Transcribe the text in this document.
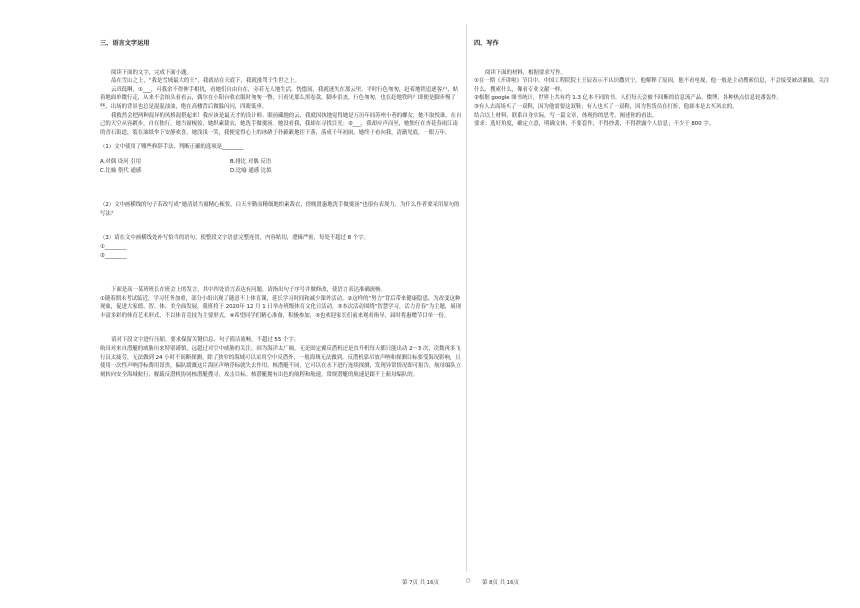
三、语言文字运用

阅读下面的文字，完成下面小题。

喆在雪山之上，“我是雪域最大的王”，我就站在天底下，我就涨驾于生世之上。

云真低啊，①___，可我余不得伸手相扰，看她们自由自在，旁若无人地生活。恍惚间，我就迷失在那云里。平时行色匆匆，赶着地铁追逐客户，贴着地面单微行走，从来不会抬头看看云，偶尔在小阳台收衣服时匆匆一瞥，只看见那么黑卷款，脚步沮丧，行色匆匆，也在赶地铁吗？即便是脚步慢了些，出场的背景也总是混混浊浊，绝在高楼背后做躲闪闪，四眼低垂。

我救然会把两种混异的风格混搭起来！我应该是最天才的设计师。眼前藏地的云，我就因执地觉得她是万历年间苏州小巷的螺女，她不取悦谁，在自己的天空从容踱步，自在独行，她当窗梳妆，她织素裁衣，她洗手做羹汤。她没看我，我却在寻找目光：②___，我却应声而至，她独行在杏花春雨江南的青石街道，裂在油纸伞下安静欢喜，她浅浅一笑，我便觉得心上的冰碴子扑簌簌地往下落，落成千年初雨，她终于看向我，清澈见底，一眼万年。

（1）文中使用了哪些修辞手法，判断正确的选项是________

A.对偶 设问 引用	B.排比 对偶 反语
C.比喻 借代 通感	D.比喻 通感 比拟

（2）文中画横线的句子若改写成“她清晨当窗精心梳妆，白天辛勤而精细地织素裁衣，傍晚贤惠地洗手做羹汤”也很有表现力，为什么作者要采用原句的写法？

（3）请在文中画横线处补写恰当的语句，使整段文字语意完整连贯，内容贴切，逻辑严密，每处不超过 8 个字。

①________

②________

下面是高一某班班长在班会上的发言，其中四处语言表达有问题，请指出句子序号并做修改，使语言表达准确流畅。

①随着期末考试临近，学习任务加重，部分小组出现了随意不上体育课，延长学习时间和减少课外活动。②这样的“努力”背后带来健康隐患，为改变这种现象，促进大家德、智、体、美全面发展，我班将于 2020年 12 月 1 日举办班级体育文化日活动，③本次活动围绕“智慧学习，活力青春”为主题，展现丰富多彩的体育艺术形式，不以体育竞技为主要形式，④希望同学们精心准备，积极参加，⑤也欢迎家长们前来观看指导，届时将惠赠节目单一份。

请对下段文字进行压缩。要求保留关键信息，句子简洁流畅，不超过 55 个字。

航母对来自潜艇的威胁历来特别谨慎，远超过对空中威胁的关注。因为海洋太广阔，无论固定翼反潜机还是直升机每天都只能出动 2～3 次，次数再多飞行员太疲劳，无法做到 24 小时不间断探测。除了狭窄的海域可以采用空中反潜外，一般海域无法做到。反潜机靠吊放声呐和探测目标要受海况影响，且使用一次性声呐浮标费用昂贵，偏队缓溉这片海区声呐浮标就失去作用。核潜艇不同，它可以在水下进行连续探测，发现异常情况即可报告，航母编队立刻转向安全海域航行，舰载反潜机协同核潜艇搜寻，攻击目标。核潜艇拥有出色的航程和航速，常规潜艇的航速是跟不上航母编队的。

四、写作

阅读下面的材料，根据要求写作。

①在一期《开讲啦》节目中，中国工程院院士王辰表示不认识撒贝宁，他解释了原因，他不看电视，他一般是主动搜索信息，不会接受被动灌输，关注什么，搜索什么，像看专业文献一样。

②根据 google 图书统计，世界上共有约 1.3 亿本不同的书。人们每天会被不间断的信息流产品、微博、各种热点信息轮番轰炸。

③有人去商场买了一双鞋，因为他需要这双鞋；有人也买了一双鞋，因为售货员在打折，他却本是去买风衣的。

结合以上材料，联系自身实际，写一篇文章，体现你的思考，阐述你的看法。

要求：选好角度，确定立意，明确文体，不要套作，不得抄袭，不得泄露个人信息；不少于 800 字。

第 7页 共 16页	○ 第 8页 共 16页
